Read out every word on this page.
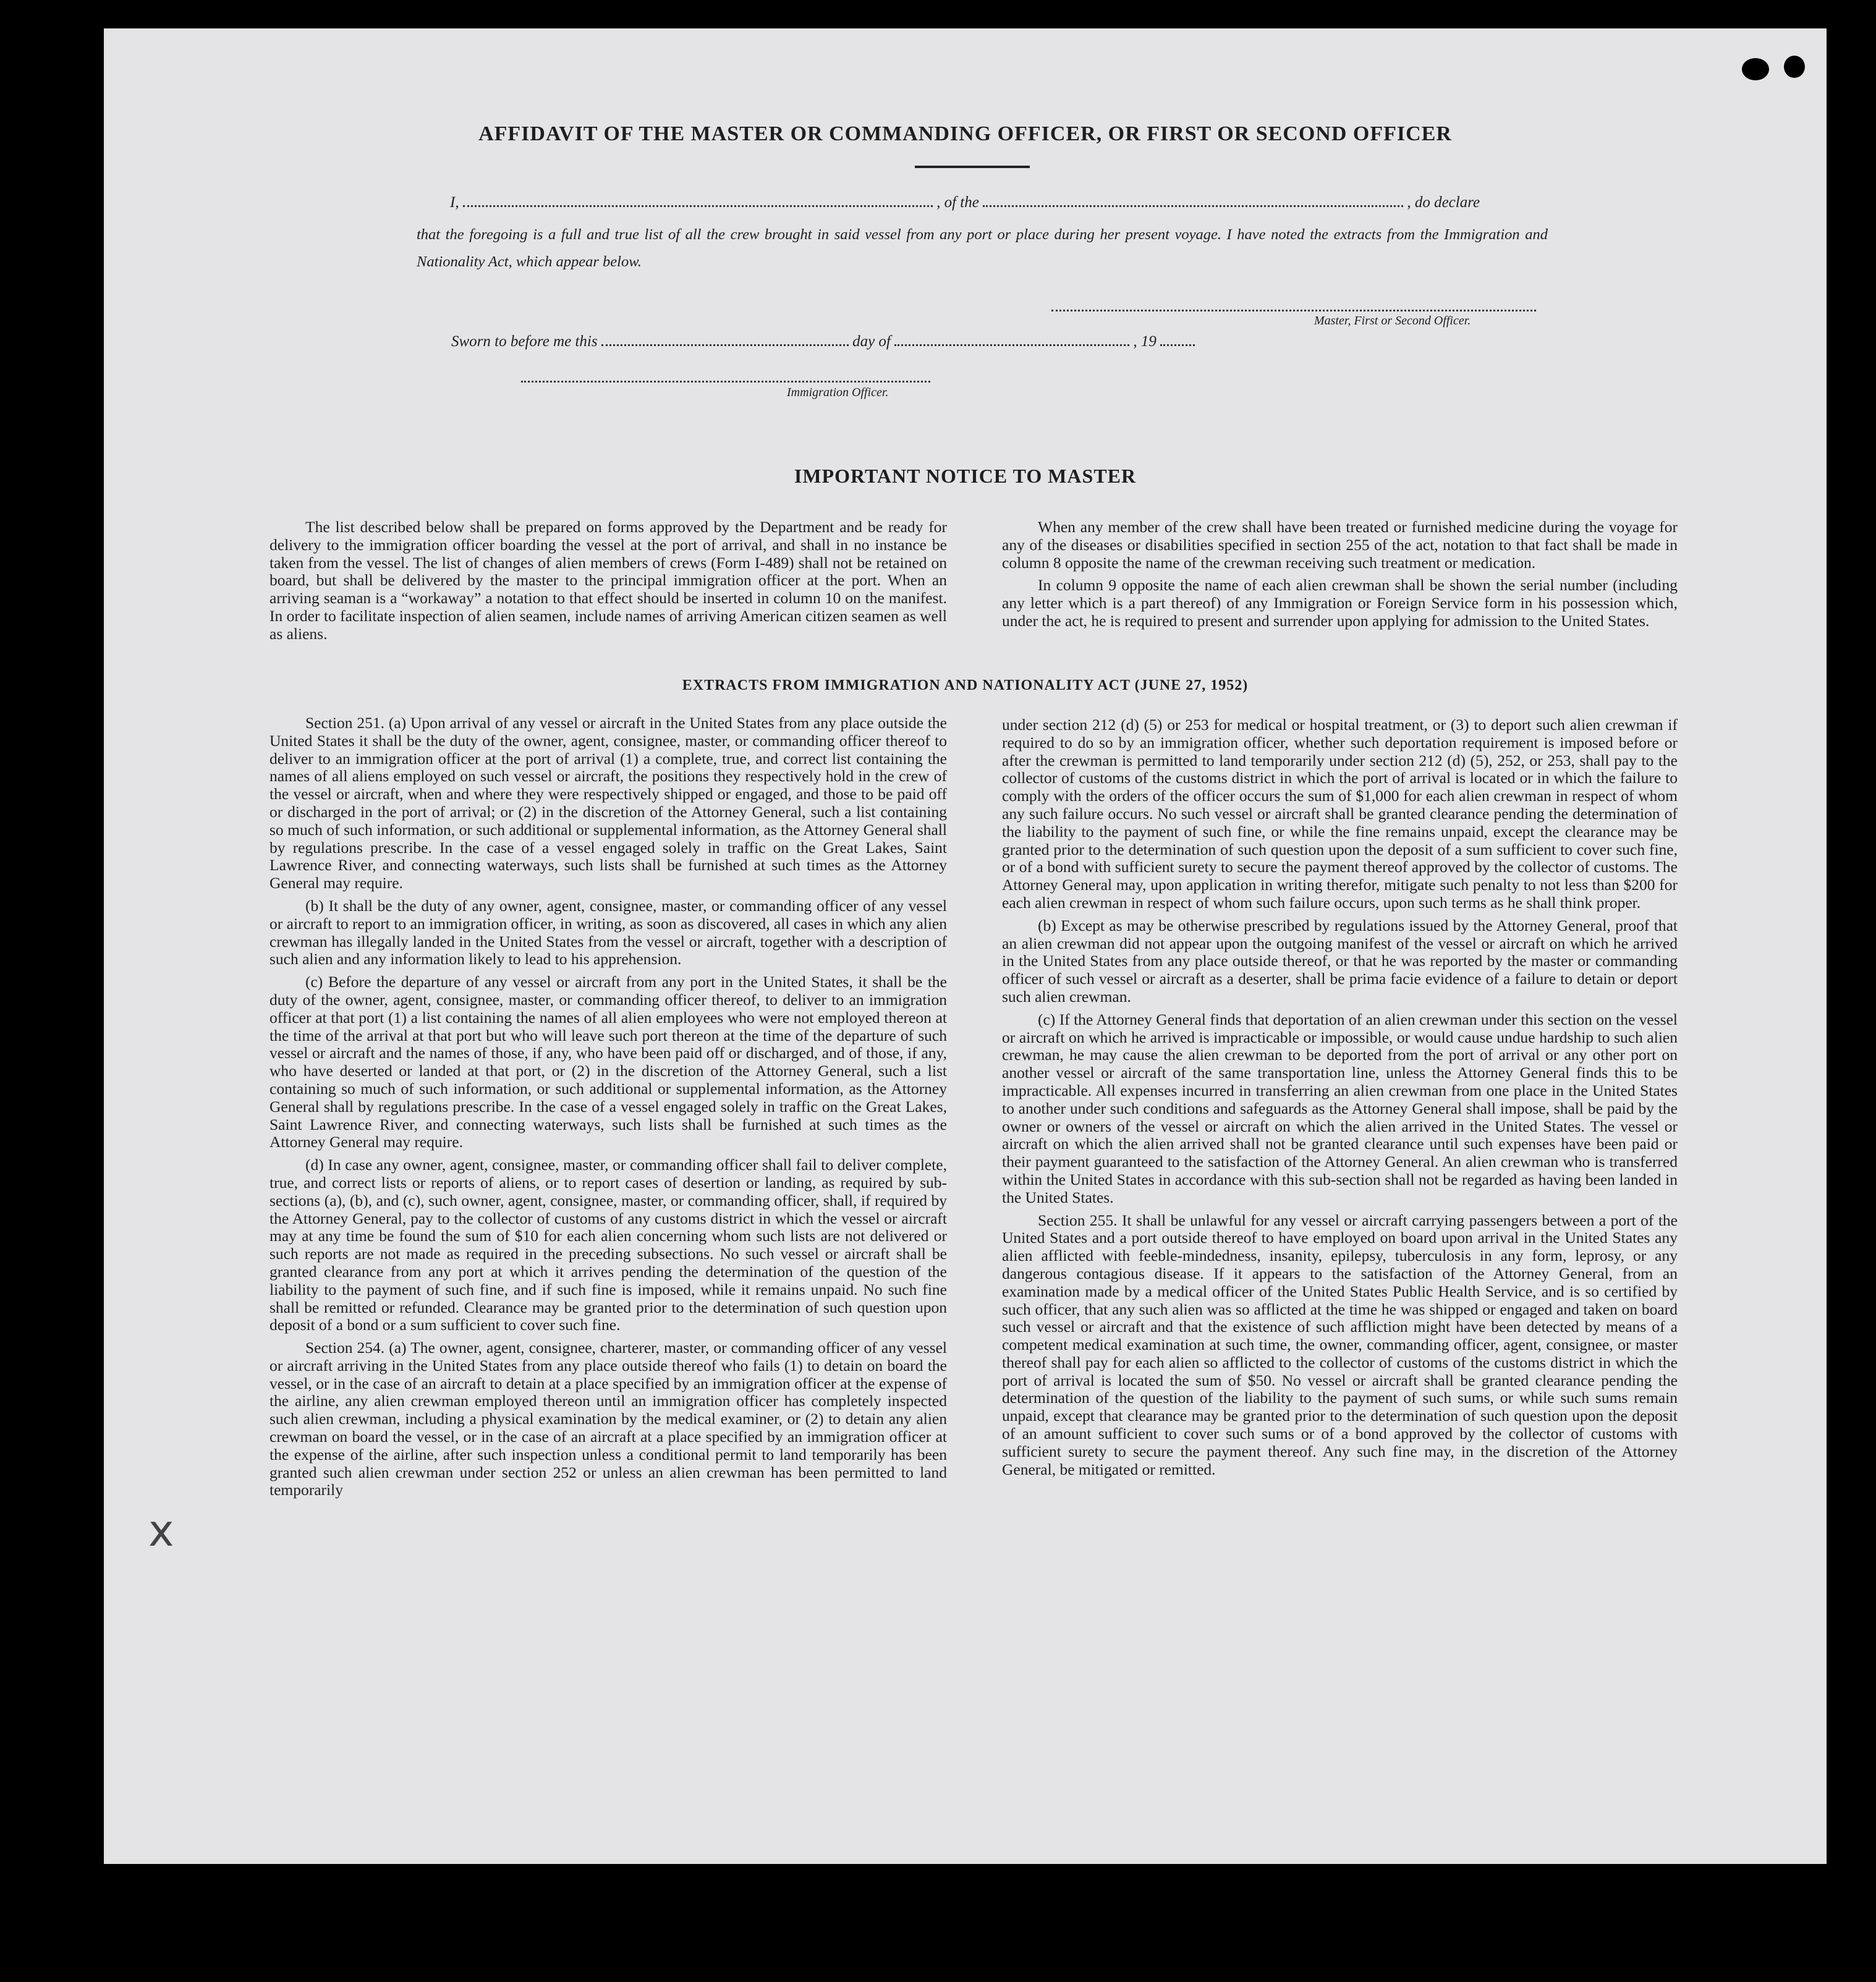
AFFIDAVIT OF THE MASTER OR COMMANDING OFFICER, OR FIRST OR SECOND OFFICER
I,	, of the	, do declare
that the foregoing is a full and true list of all the crew brought in said vessel from any port or place during her present voyage. I have noted the extracts from the Immigration and Nationality Act, which appear below.
Master, First or Second Officer.
Sworn to before me this	day of	, 19
Immigration Officer.
IMPORTANT NOTICE TO MASTER

The list described below shall be prepared on forms approved by the Department and be ready for delivery to the immigration officer boarding the vessel at the port of arrival, and shall in no instance be taken from the vessel. The list of changes of alien members of crews (Form I-489) shall not be retained on board, but shall be delivered by the master to the principal immigration officer at the port. When an arriving seaman is a “workaway” a notation to that effect should be inserted in column 10 on the manifest. In order to facilitate inspection of alien seamen, include names of arriving American citizen seamen as well as aliens.

When any member of the crew shall have been treated or furnished medicine during the voyage for any of the diseases or disabilities specified in section 255 of the act, notation to that fact shall be made in column 8 opposite the name of the crewman receiving such treatment or medication.

In column 9 opposite the name of each alien crewman shall be shown the serial number (including any letter which is a part thereof) of any Immigration or Foreign Service form in his possession which, under the act, he is required to present and surrender upon applying for admission to the United States.

EXTRACTS FROM IMMIGRATION AND NATIONALITY ACT (JUNE 27, 1952)

Section 251. (a) Upon arrival of any vessel or aircraft in the United States from any place outside the United States it shall be the duty of the owner, agent, consignee, master, or commanding officer thereof to deliver to an immigration officer at the port of arrival (1) a complete, true, and correct list containing the names of all aliens employed on such vessel or aircraft, the positions they respectively hold in the crew of the vessel or aircraft, when and where they were respectively shipped or engaged, and those to be paid off or discharged in the port of arrival; or (2) in the discretion of the Attorney General, such a list containing so much of such information, or such additional or supplemental information, as the Attorney General shall by regulations prescribe. In the case of a vessel engaged solely in traffic on the Great Lakes, Saint Lawrence River, and connecting waterways, such lists shall be furnished at such times as the Attorney General may require.

(b) It shall be the duty of any owner, agent, consignee, master, or commanding officer of any vessel or aircraft to report to an immigration officer, in writing, as soon as discovered, all cases in which any alien crewman has illegally landed in the United States from the vessel or aircraft, together with a description of such alien and any information likely to lead to his apprehension.

(c) Before the departure of any vessel or aircraft from any port in the United States, it shall be the duty of the owner, agent, consignee, master, or commanding officer thereof, to deliver to an immigration officer at that port (1) a list containing the names of all alien employees who were not employed thereon at the time of the arrival at that port but who will leave such port thereon at the time of the departure of such vessel or aircraft and the names of those, if any, who have been paid off or discharged, and of those, if any, who have deserted or landed at that port, or (2) in the discretion of the Attorney General, such a list containing so much of such information, or such additional or supplemental information, as the Attorney General shall by regulations prescribe. In the case of a vessel engaged solely in traffic on the Great Lakes, Saint Lawrence River, and connecting waterways, such lists shall be furnished at such times as the Attorney General may require.

(d) In case any owner, agent, consignee, master, or commanding officer shall fail to deliver complete, true, and correct lists or reports of aliens, or to report cases of desertion or landing, as required by sub-sections (a), (b), and (c), such owner, agent, consignee, master, or commanding officer, shall, if required by the Attorney General, pay to the collector of customs of any customs district in which the vessel or aircraft may at any time be found the sum of $10 for each alien concerning whom such lists are not delivered or such reports are not made as required in the preceding subsections. No such vessel or aircraft shall be granted clearance from any port at which it arrives pending the determination of the question of the liability to the payment of such fine, and if such fine is imposed, while it remains unpaid. No such fine shall be remitted or refunded. Clearance may be granted prior to the determination of such question upon deposit of a bond or a sum sufficient to cover such fine.

Section 254. (a) The owner, agent, consignee, charterer, master, or commanding officer of any vessel or aircraft arriving in the United States from any place outside thereof who fails (1) to detain on board the vessel, or in the case of an aircraft to detain at a place specified by an immigration officer at the expense of the airline, any alien crewman employed thereon until an immigration officer has completely inspected such alien crewman, including a physical examination by the medical examiner, or (2) to detain any alien crewman on board the vessel, or in the case of an aircraft at a place specified by an immigration officer at the expense of the airline, after such inspection unless a conditional permit to land temporarily has been granted such alien crewman under section 252 or unless an alien crewman has been permitted to land temporarily

under section 212 (d) (5) or 253 for medical or hospital treatment, or (3) to deport such alien crewman if required to do so by an immigration officer, whether such deportation requirement is imposed before or after the crewman is permitted to land temporarily under section 212 (d) (5), 252, or 253, shall pay to the collector of customs of the customs district in which the port of arrival is located or in which the failure to comply with the orders of the officer occurs the sum of $1,000 for each alien crewman in respect of whom any such failure occurs. No such vessel or aircraft shall be granted clearance pending the determination of the liability to the payment of such fine, or while the fine remains unpaid, except the clearance may be granted prior to the determination of such question upon the deposit of a sum sufficient to cover such fine, or of a bond with sufficient surety to secure the payment thereof approved by the collector of customs. The Attorney General may, upon application in writing therefor, mitigate such penalty to not less than $200 for each alien crewman in respect of whom such failure occurs, upon such terms as he shall think proper.

(b) Except as may be otherwise prescribed by regulations issued by the Attorney General, proof that an alien crewman did not appear upon the outgoing manifest of the vessel or aircraft on which he arrived in the United States from any place outside thereof, or that he was reported by the master or commanding officer of such vessel or aircraft as a deserter, shall be prima facie evidence of a failure to detain or deport such alien crewman.

(c) If the Attorney General finds that deportation of an alien crewman under this section on the vessel or aircraft on which he arrived is impracticable or impossible, or would cause undue hardship to such alien crewman, he may cause the alien crewman to be deported from the port of arrival or any other port on another vessel or aircraft of the same transportation line, unless the Attorney General finds this to be impracticable. All expenses incurred in transferring an alien crewman from one place in the United States to another under such conditions and safeguards as the Attorney General shall impose, shall be paid by the owner or owners of the vessel or aircraft on which the alien arrived in the United States. The vessel or aircraft on which the alien arrived shall not be granted clearance until such expenses have been paid or their payment guaranteed to the satisfaction of the Attorney General. An alien crewman who is transferred within the United States in accordance with this sub-section shall not be regarded as having been landed in the United States.

Section 255. It shall be unlawful for any vessel or aircraft carrying passengers between a port of the United States and a port outside thereof to have employed on board upon arrival in the United States any alien afflicted with feeble-mindedness, insanity, epilepsy, tuberculosis in any form, leprosy, or any dangerous contagious disease. If it appears to the satisfaction of the Attorney General, from an examination made by a medical officer of the United States Public Health Service, and is so certified by such officer, that any such alien was so afflicted at the time he was shipped or engaged and taken on board such vessel or aircraft and that the existence of such affliction might have been detected by means of a competent medical examination at such time, the owner, commanding officer, agent, consignee, or master thereof shall pay for each alien so afflicted to the collector of customs of the customs district in which the port of arrival is located the sum of $50. No vessel or aircraft shall be granted clearance pending the determination of the question of the liability to the payment of such sums, or while such sums remain unpaid, except that clearance may be granted prior to the determination of such question upon the deposit of an amount sufficient to cover such sums or of a bond approved by the collector of customs with sufficient surety to secure the payment thereof. Any such fine may, in the discretion of the Attorney General, be mitigated or remitted.

x
